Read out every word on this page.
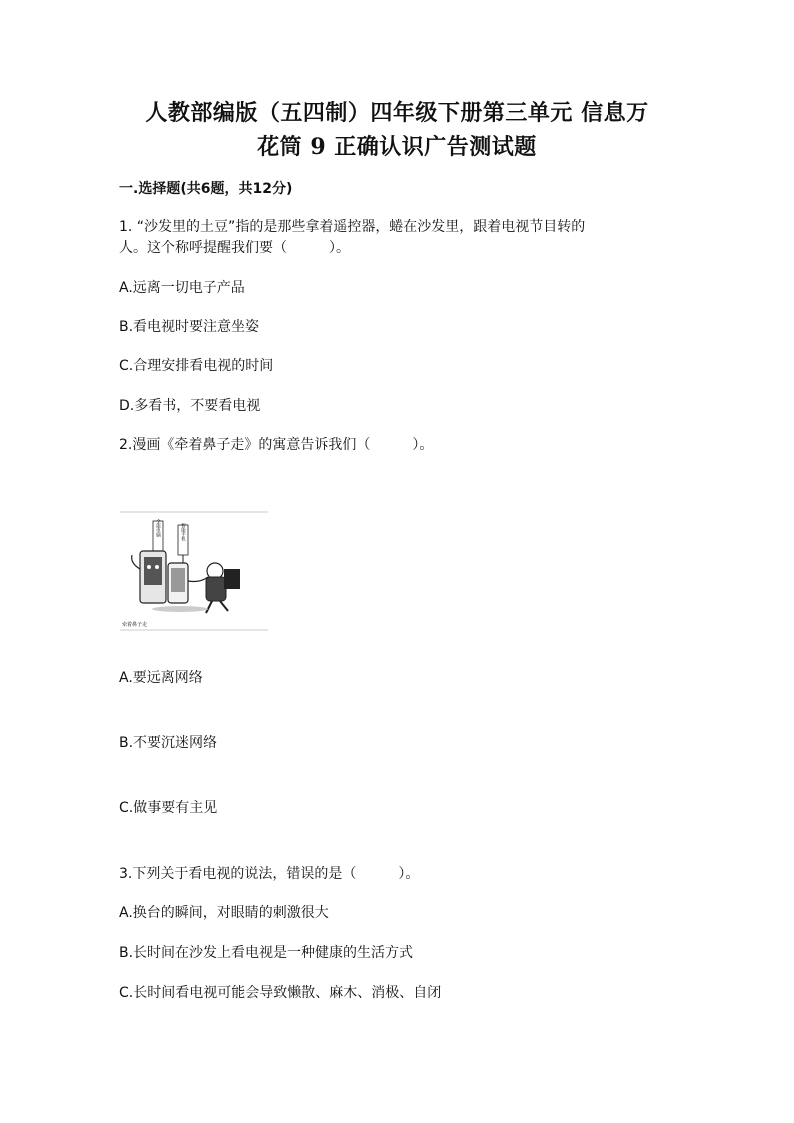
人教部编版（五四制）四年级下册第三单元 信息万
花筒 9 正确认识广告测试题
一.选择题(共6题，共12分)
1. “沙发里的土豆”指的是那些拿着遥控器，蜷在沙发里，跟着电视节目转的
人。这个称呼提醒我们要（　　　）。
A.远离一切电子产品
B.看电视时要注意坐姿
C.合理安排看电视的时间
D.多看书，不要看电视
2.漫画《牵着鼻子走》的寓意告诉我们（　　　）。
全能电脑	智能手机
牵着鼻子走
A.要远离网络
B.不要沉迷网络
C.做事要有主见
3.下列关于看电视的说法，错误的是（　　　）。
A.换台的瞬间，对眼睛的刺激很大
B.长时间在沙发上看电视是一种健康的生活方式
C.长时间看电视可能会导致懒散、麻木、消极、自闭
